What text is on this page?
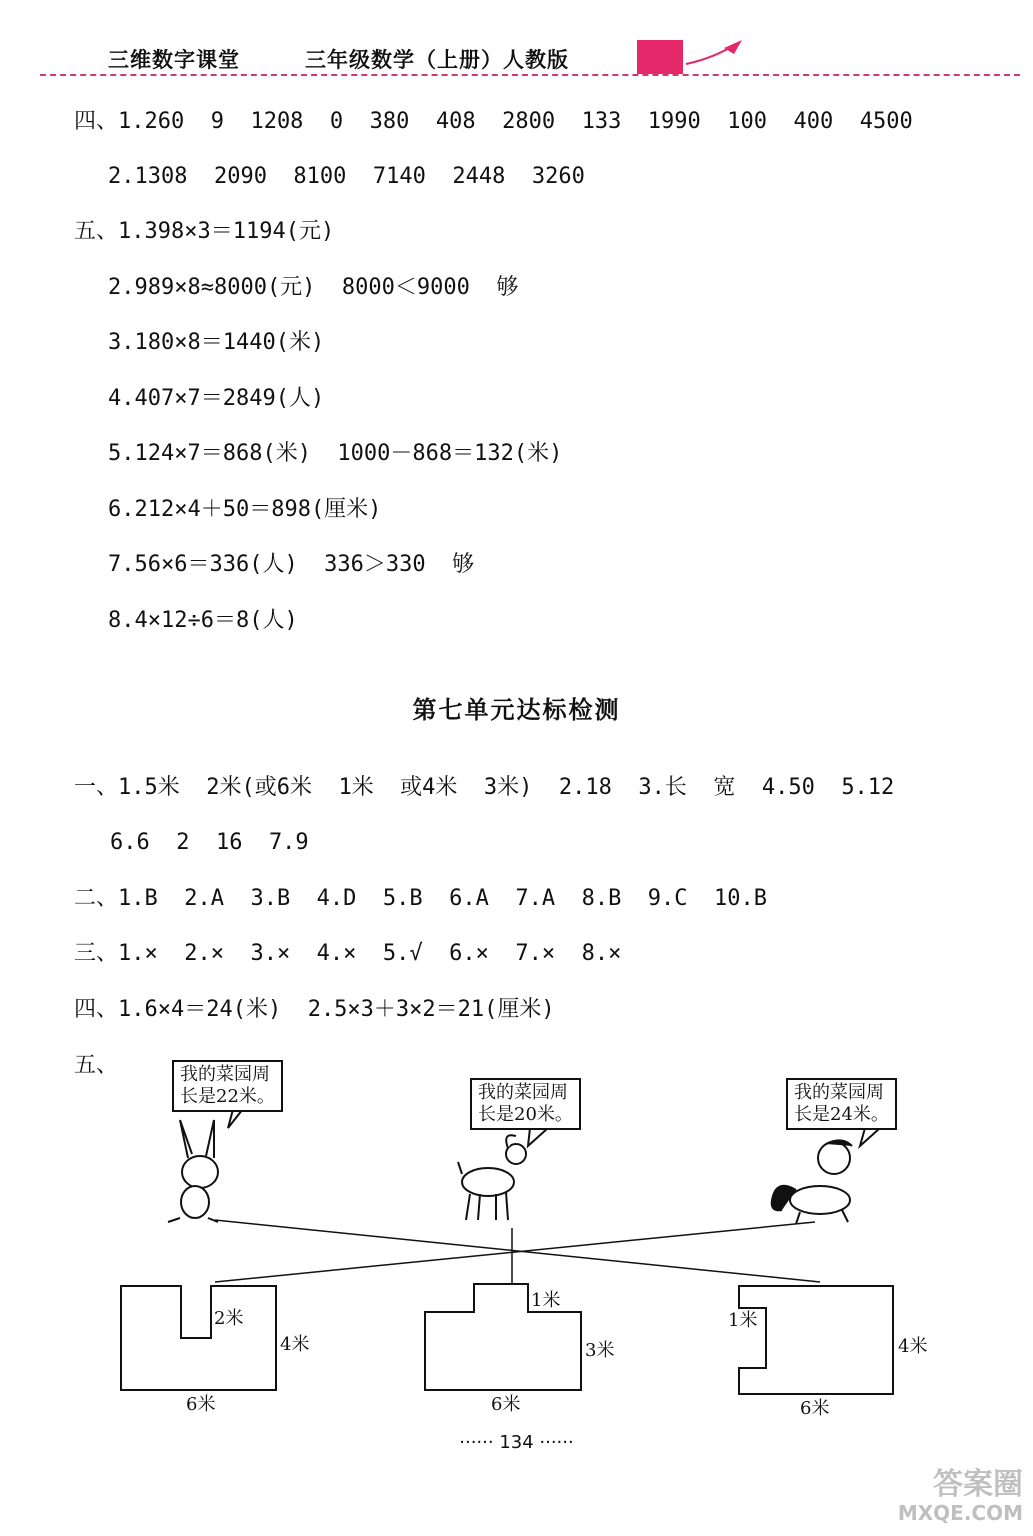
三维数字课堂	三年级数学（上册）人教版
四、1.260  9  1208  0  380  408  2800  133  1990  100  400  4500
2.1308  2090  8100  7140  2448  3260
五、1.398×3＝1194(元)
2.989×8≈8000(元)  8000＜9000  够
3.180×8＝1440(米)
4.407×7＝2849(人)
5.124×7＝868(米)  1000－868＝132(米)
6.212×4＋50＝898(厘米)
7.56×6＝336(人)  336＞330  够
8.4×12÷6＝8(人)
第七单元达标检测
一、1.5米  2米(或6米  1米  或4米  3米)  2.18  3.长  宽  4.50  5.12
6.6  2  16  7.9
二、1.B  2.A  3.B  4.D  5.B  6.A  7.A  8.B  9.C  10.B
三、1.×  2.×  3.×  4.×  5.√  6.×  7.×  8.×
四、1.6×4＝24(米)  2.5×3＋3×2＝21(厘米)
五、	我的菜园周
长是22米。	我的菜园周
长是20米。
我的菜园周
长是24米。
2米
4米
6米
1米
3米
6米
1米
4米
6米
······ 134 ······
答案圈
MXQE.COM
